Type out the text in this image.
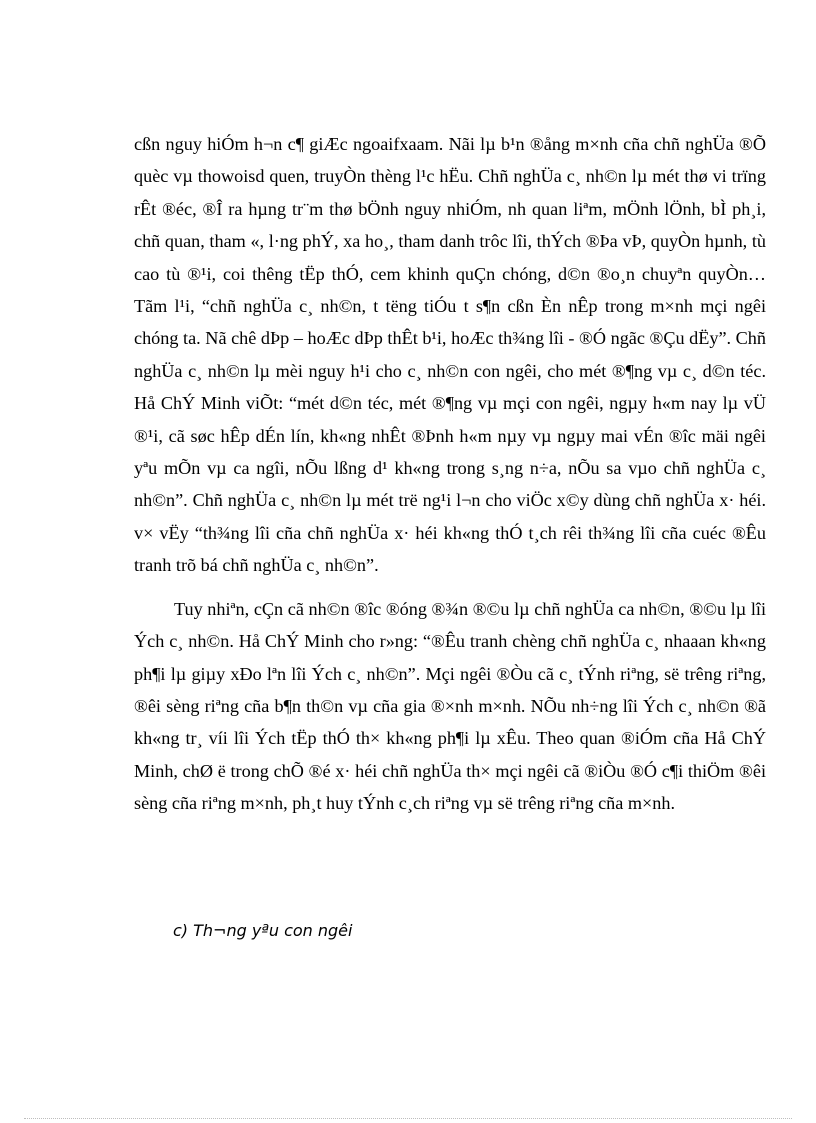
cßn nguy hiÓm h¬n c¶ giÆc ngoaifxaam. Nãi lµ b¹n ®ång m×nh cña chñ nghÜa ®Õ quèc vµ thowoisd quen, truyÒn thèng l¹c hËu. Chñ nghÜa c¸ nh©n lµ mét thø vi trïng rÊt ®éc, ®Î ra hµng tr¨m thø bÖnh nguy nhiÓm, nh quan liªm, mÖnh lÖnh, bÌ ph¸i, chñ quan, tham «, l·ng phÝ, xa ho¸, tham danh trôc lîi, thÝch ®Þa vÞ, quyÒn hµnh, tù cao tù ®¹i, coi thêng tËp thÓ, cem khinh quÇn chóng, d©n ®o¸n chuyªn quyÒn… Tãm l¹i, “chñ nghÜa c¸ nh©n, t tëng tiÓu t s¶n cßn Èn nÊp trong m×nh mçi ngêi chóng ta. Nã chê dÞp – hoÆc dÞp thÊt b¹i, hoÆc th¾ng lîi - ®Ó ngãc ®Çu dËy”. Chñ nghÜa c¸ nh©n lµ mèi nguy h¹i cho c¸ nh©n con ngêi, cho mét ®¶ng vµ c¸ d©n téc. Hå ChÝ Minh viÕt: “mét d©n téc, mét ®¶ng vµ mçi con ngêi, ngµy h«m nay lµ vÜ ®¹i, cã søc hÊp dÉn lín, kh«ng nhÊt ®Þnh h«m nµy vµ ngµy mai vÉn ®îc mäi ngêi yªu mÕn vµ ca ngîi, nÕu lßng d¹ kh«ng trong s¸ng n÷a, nÕu sa vµo chñ nghÜa c¸ nh©n”. Chñ nghÜa c¸ nh©n lµ mét trë ng¹i l¬n cho viÖc x©y dùng chñ nghÜa x· héi. v× vËy “th¾ng lîi cña chñ nghÜa x· héi kh«ng thÓ t¸ch rêi th¾ng lîi cña cuéc ®Êu tranh trõ bá chñ nghÜa c¸ nh©n”.

Tuy nhiªn, cÇn cã nh©n ®îc ®óng ®¾n ®©u lµ chñ nghÜa ca nh©n, ®©u lµ lîi Ých c¸ nh©n. Hå ChÝ Minh cho r»ng: “®Êu tranh chèng chñ nghÜa c¸ nhaaan kh«ng ph¶i lµ giµy xÐo lªn lîi Ých c¸ nh©n”. Mçi ngêi ®Òu cã c¸ tÝnh riªng, së trêng riªng, ®êi sèng riªng cña b¶n th©n vµ cña gia ®×nh m×nh. NÕu nh÷ng lîi Ých c¸ nh©n ®ã kh«ng tr¸ víi lîi Ých tËp thÓ th× kh«ng ph¶i lµ xÊu. Theo quan ®iÓm cña Hå ChÝ Minh, chØ ë trong chÕ ®é x· héi chñ nghÜa th× mçi ngêi cã ®iÒu ®Ó c¶i thiÖm ®êi sèng cña riªng m×nh, ph¸t huy tÝnh c¸ch riªng vµ së trêng riªng cña m×nh.

c) Th¬ng yªu con ngêi
